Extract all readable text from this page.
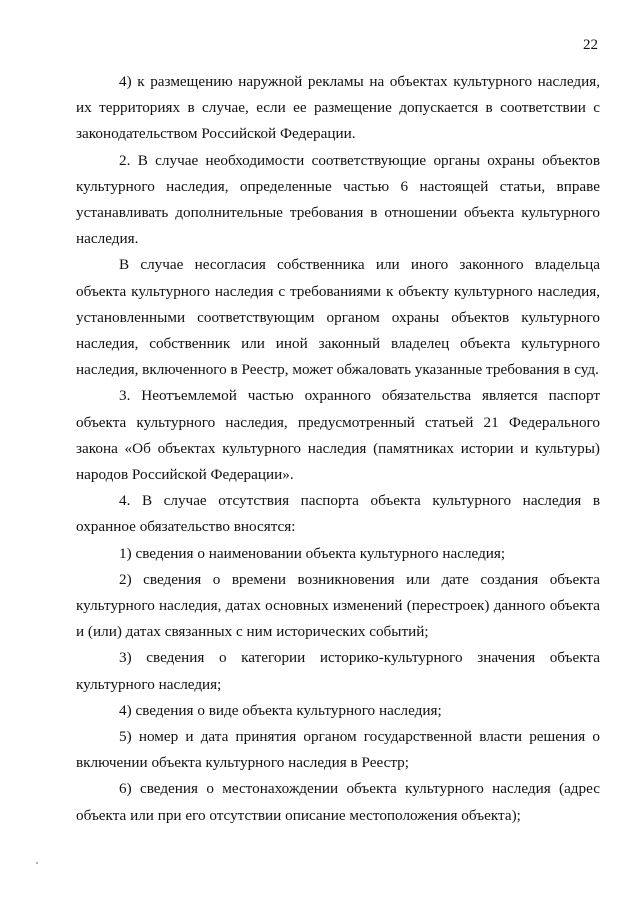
22

4) к размещению наружной рекламы на объектах культурного наследия, их территориях в случае, если ее размещение допускается в соответствии с законодательством Российской Федерации.

2. В случае необходимости соответствующие органы охраны объектов культурного наследия, определенные частью 6 настоящей статьи, вправе устанавливать дополнительные требования в отношении объекта культурного наследия.

В случае несогласия собственника или иного законного владельца объекта культурного наследия с требованиями к объекту культурного наследия, установленными соответствующим органом охраны объектов культурного наследия, собственник или иной законный владелец объекта культурного наследия, включенного в Реестр, может обжаловать указанные требования в суд.

3. Неотъемлемой частью охранного обязательства является паспорт объекта культурного наследия, предусмотренный статьей 21 Федерального закона «Об объектах культурного наследия (памятниках истории и культуры) народов Российской Федерации».

4. В случае отсутствия паспорта объекта культурного наследия в охранное обязательство вносятся:

1) сведения о наименовании объекта культурного наследия;

2) сведения о времени возникновения или дате создания объекта культурного наследия, датах основных изменений (перестроек) данного объекта и (или) датах связанных с ним исторических событий;

3) сведения о категории историко-культурного значения объекта культурного наследия;

4) сведения о виде объекта культурного наследия;

5) номер и дата принятия органом государственной власти решения о включении объекта культурного наследия в Реестр;

6) сведения о местонахождении объекта культурного наследия (адрес объекта или при его отсутствии описание местоположения объекта);
